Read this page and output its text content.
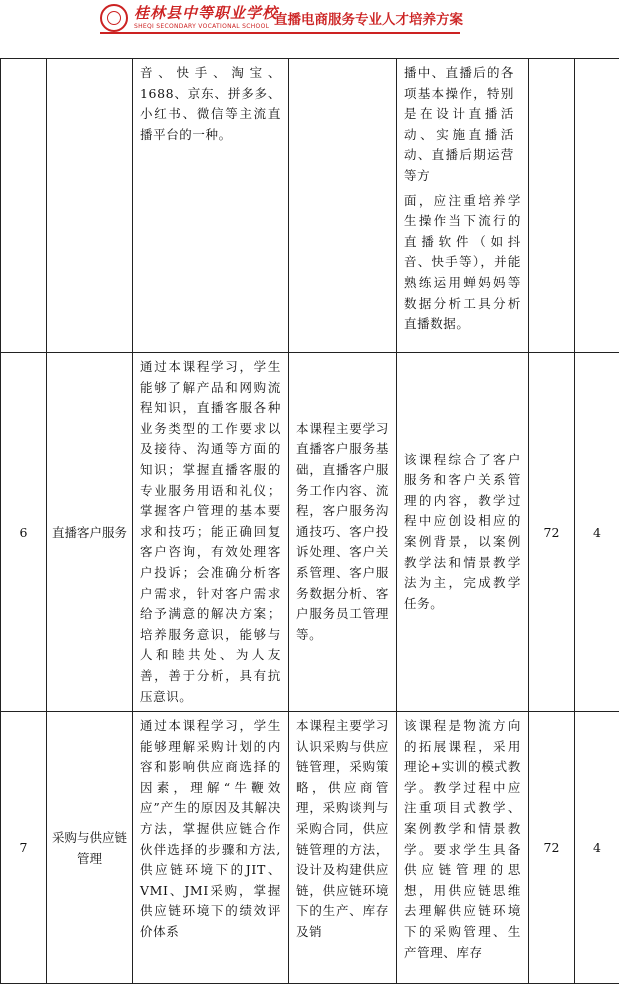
桂林县中等职业学校
SHEQI SECONDARY VOCATIONAL SCHOOL 直播电商服务专业人才培养方案

		音、快手、淘宝、1688、京东、拼多多、小红书、微信等主流直播平台的一种。		播中、直播后的各项基本操作，特别是在设计直播活动、实施直播活动、直播后期运营等方
面，应注重培养学生操作当下流行的直播软件（如抖音、快手等），并能熟练运用蝉妈妈等数据分析工具分析直播数据。		

6	直播客户服务	通过本课程学习，学生能够了解产品和网购流程知识，直播客服各种业务类型的工作要求以及接待、沟通等方面的知识；掌握直播客服的专业服务用语和礼仪；掌握客户管理的基本要求和技巧；能正确回复客户咨询，有效处理客户投诉；会准确分析客户需求，针对客户需求给予满意的解决方案；培养服务意识，能够与人和睦共处、为人友善，善于分析，具有抗压意识。	本课程主要学习直播客户服务基础，直播客户服务工作内容、流程，客户服务沟通技巧、客户投诉处理、客户关系管理、客户服务数据分析、客户服务员工管理等。	该课程综合了客户服务和客户关系管理的内容，教学过程中应创设相应的案例背景，以案例教学法和情景教学法为主，完成教学任务。	72	4
7	采购与供应链管理	通过本课程学习，学生能够理解采购计划的内容和影响供应商选择的因素，理解“牛鞭效应”产生的原因及其解决方法，掌握供应链合作伙伴选择的步骤和方法,供应链环境下的JIT、VMI、JMI采购，掌握供应链环境下的绩效评价体系	本课程主要学习认识采购与供应链管理，采购策略，供应商管理，采购谈判与采购合同，供应链管理的方法，设计及构建供应链，供应链环境下的生产、库存及销	该课程是物流方向的拓展课程，采用理论+实训的模式教学。教学过程中应注重项目式教学、案例教学和情景教学。要求学生具备供应链管理的思想，用供应链思维去理解供应链环境下的采购管理、生产管理、库存	72	4
